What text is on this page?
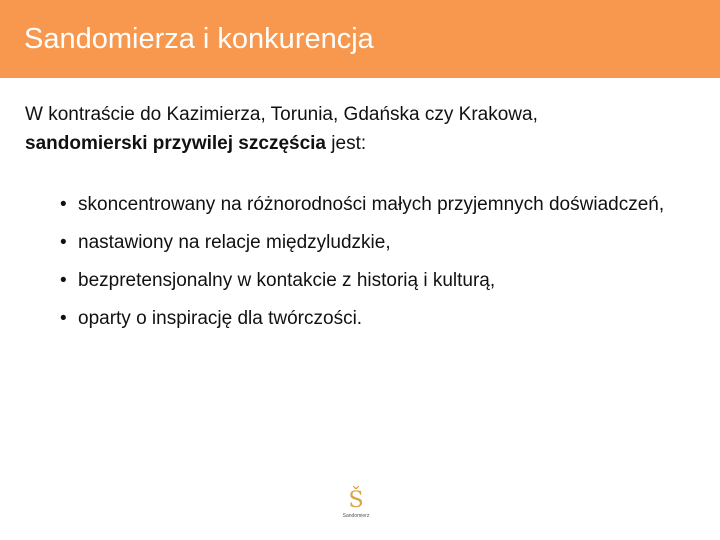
Sandomierza i konkurencja
W kontraście do Kazimierza, Torunia, Gdańska czy Krakowa,
sandomierski przywilej szczęścia jest:
• skoncentrowany na różnorodności małych przyjemnych doświadczeń,
• nastawiony na relacje międzyludzkie,
• bezpretensjonalny w kontakcie z historią i kulturą,
• oparty o inspirację dla twórczości.
Š
Sandomierz
